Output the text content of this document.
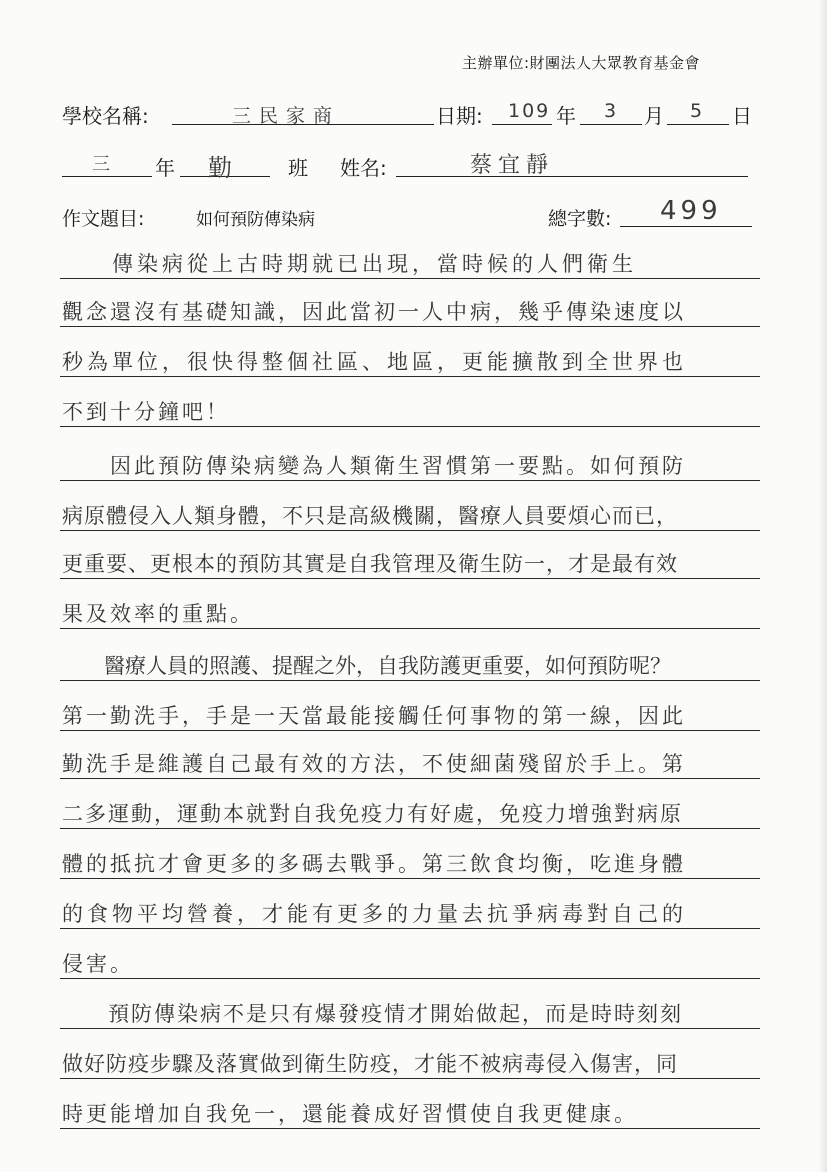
主辦單位:財團法人大眾教育基金會
學校名稱:	三民家商	日期: 109 年 3 月 5 日
三 年 勤	班 姓名:	蔡宜靜
作文題目:	如何預防傳染病	總字數: 499
　　傳染病從上古時期就已出現，當時候的人們衛生
觀念還沒有基礎知識，因此當初一人中病，幾乎傳染速度以
秒為單位，很快得整個社區、地區，更能擴散到全世界也
不到十分鐘吧！
　　因此預防傳染病變為人類衛生習慣第一要點。如何預防
病原體侵入人類身體，不只是高級機關，醫療人員要煩心而已，
更重要、更根本的預防其實是自我管理及衛生防一，才是最有效
果及效率的重點。
　　醫療人員的照護、提醒之外，自我防護更重要，如何預防呢？
第一勤洗手，手是一天當最能接觸任何事物的第一線，因此
勤洗手是維護自己最有效的方法，不使細菌殘留於手上。第
二多運動，運動本就對自我免疫力有好處，免疫力增強對病原
體的抵抗才會更多的多碼去戰爭。第三飲食均衡，吃進身體
的食物平均營養，才能有更多的力量去抗爭病毒對自己的
侵害。
　　預防傳染病不是只有爆發疫情才開始做起，而是時時刻刻
做好防疫步驟及落實做到衛生防疫，才能不被病毒侵入傷害，同
時更能增加自我免一，還能養成好習慣使自我更健康。
